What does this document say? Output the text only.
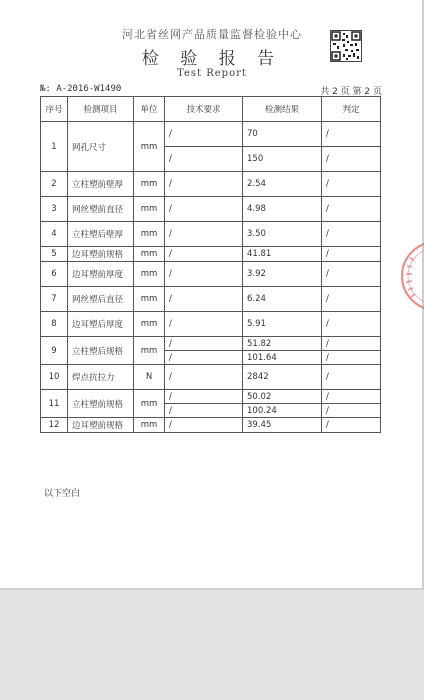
河北省丝网产品质量监督检验中心
检 验 报 告
Test Report
№: A-2016-W1490	共 2 页 第 2 页
序号	检测项目	单位	技术要求	检测结果	判定
1	网孔尺寸	mm	/	70	/
			/	150	/
2	立柱塑前壁厚	mm	/	2.54	/
3	网丝塑前直径	mm	/	4.98	/
4	立柱塑后壁厚	mm	/	3.50	/
5	边耳塑前规格	mm	/	41.81	/
6	边耳塑前厚度	mm	/	3.92	/
7	网丝塑后直径	mm	/	6.24	/
8	边耳塑后厚度	mm	/	5.91	/
9	立柱塑后规格	mm	/	51.82	/
			/	101.64	/
10	焊点抗拉力	N	/	2842	/
11	立柱塑前规格	mm	/	50.02	/
			/	100.24	/
12	边耳塑前规格	mm	/	39.45	/
以下空白
